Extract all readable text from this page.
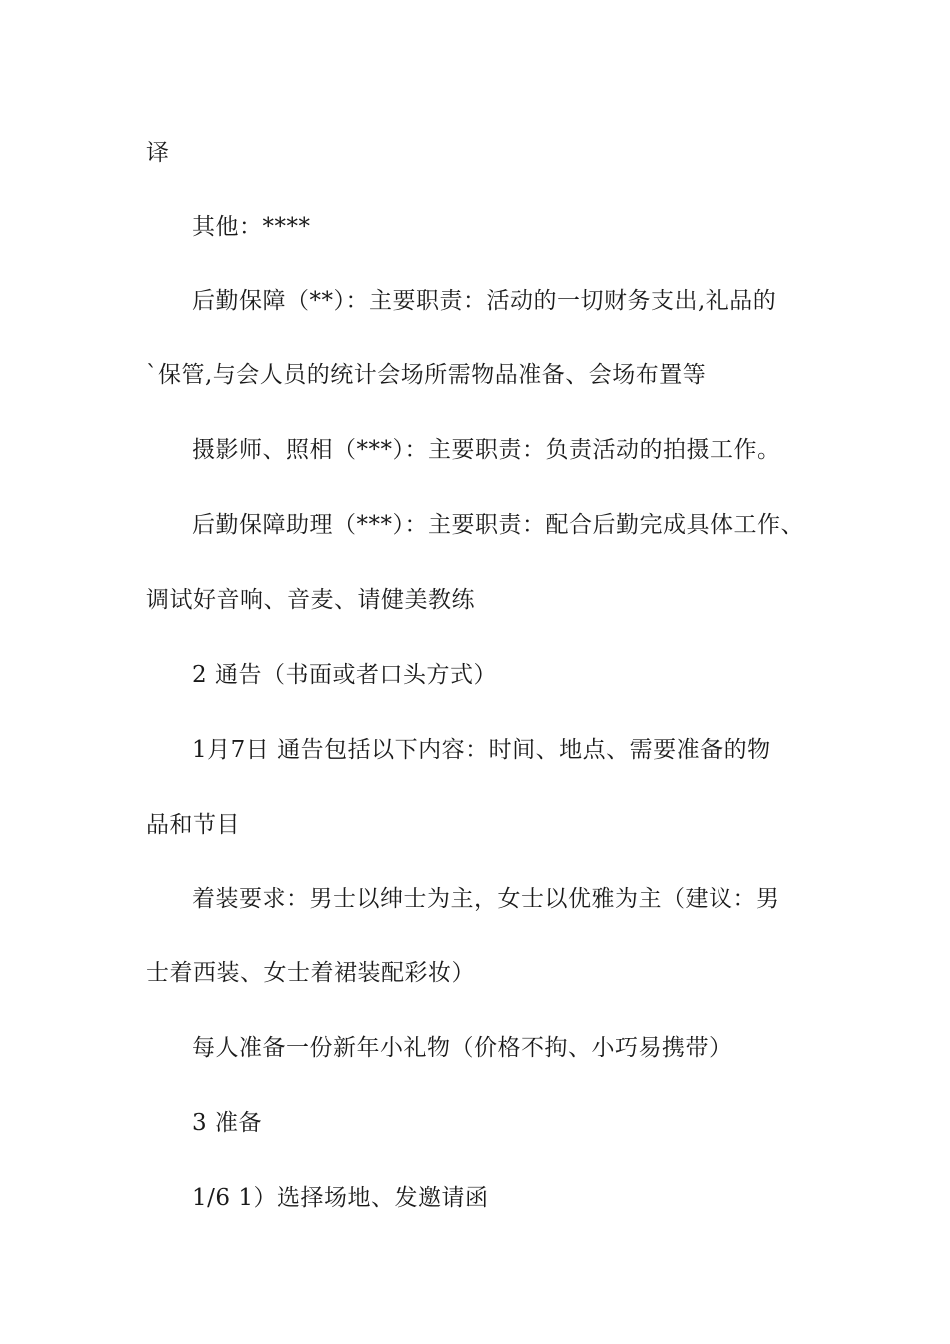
译
其他：****
后勤保障（**）：主要职责：活动的一切财务支出,礼品的
`保管,与会人员的统计会场所需物品准备、会场布置等
摄影师、照相（***）：主要职责：负责活动的拍摄工作。
后勤保障助理（***）：主要职责：配合后勤完成具体工作、
调试好音响、音麦、请健美教练
2 通告（书面或者口头方式）
1月7日 通告包括以下内容：时间、地点、需要准备的物
品和节目
着装要求：男士以绅士为主，女士以优雅为主（建议：男
士着西装、女士着裙装配彩妆）
每人准备一份新年小礼物（价格不拘、小巧易携带）
3 准备
1/6 1）选择场地、发邀请函
